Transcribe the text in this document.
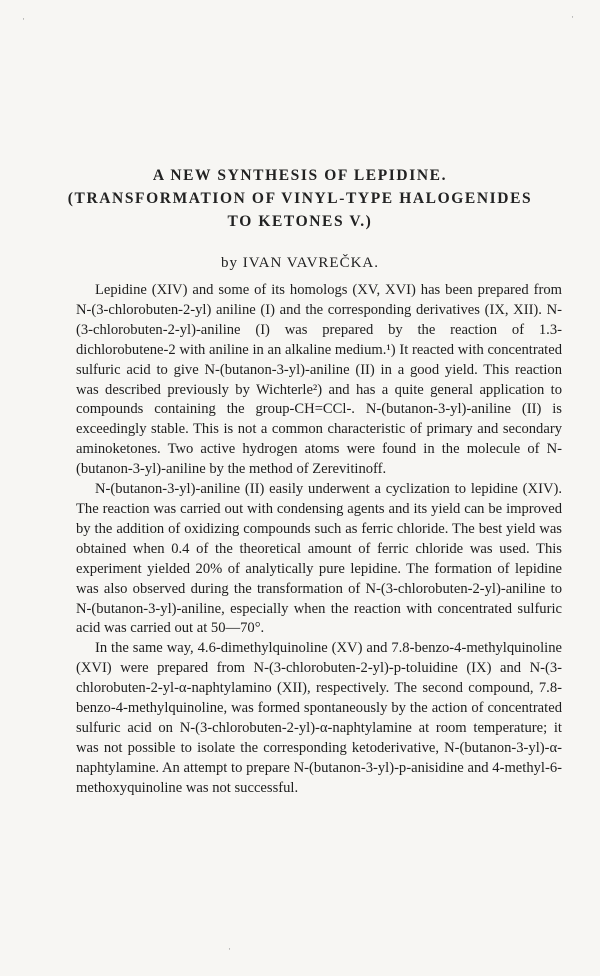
·	·

A NEW SYNTHESIS OF LEPIDINE.

(TRANSFORMATION OF VINYL-TYPE HALOGENIDES

TO KETONES V.)

by IVAN VAVREČKA.

Lepidine (XIV) and some of its homologs (XV, XVI) has been prepared from N-(3-chlorobuten-2-yl) aniline (I) and the corresponding derivatives (IX, XII). N-(3-chlorobuten-2-yl)-aniline (I) was prepared by the reaction of 1.3-dichlorobutene-2 with aniline in an alkaline medium.¹) It reacted with concentrated sulfuric acid to give N-(butanon-3-yl)-aniline (II) in a good yield. This reaction was described previously by Wichterle²) and has a quite general application to compounds containing the group-CH=CCl-. N-(butanon-3-yl)-aniline (II) is exceedingly stable. This is not a common characteristic of primary and secondary aminoketones. Two active hydrogen atoms were found in the molecule of N-(butanon-3-yl)-aniline by the method of Zerevitinoff.

N-(butanon-3-yl)-aniline (II) easily underwent a cyclization to lepidine (XIV). The reaction was carried out with condensing agents and its yield can be improved by the addition of oxidizing compounds such as ferric chloride. The best yield was obtained when 0.4 of the theoretical amount of ferric chloride was used. This experiment yielded 20% of analytically pure lepidine. The formation of lepidine was also observed during the transformation of N-(3-chlorobuten-2-yl)-aniline to N-(butanon-3-yl)-aniline, especially when the reaction with concentrated sulfuric acid was carried out at 50—70°.

In the same way, 4.6-dimethylquinoline (XV) and 7.8-benzo-4-methylquinoline (XVI) were prepared from N-(3-chlorobuten-2-yl)-p-toluidine (IX) and N-(3-chlorobuten-2-yl-α-naphtylamino (XII), respectively. The second compound, 7.8-benzo-4-methylquinoline, was formed spontaneously by the action of concentrated sulfuric acid on N-(3-chlorobuten-2-yl)-α-naphtylamine at room temperature; it was not possible to isolate the corresponding ketoderivative, N-(butanon-3-yl)-α-naphtylamine. An attempt to prepare N-(butanon-3-yl)-p-anisidine and 4-methyl-6-methoxyquinoline was not successful.

·
